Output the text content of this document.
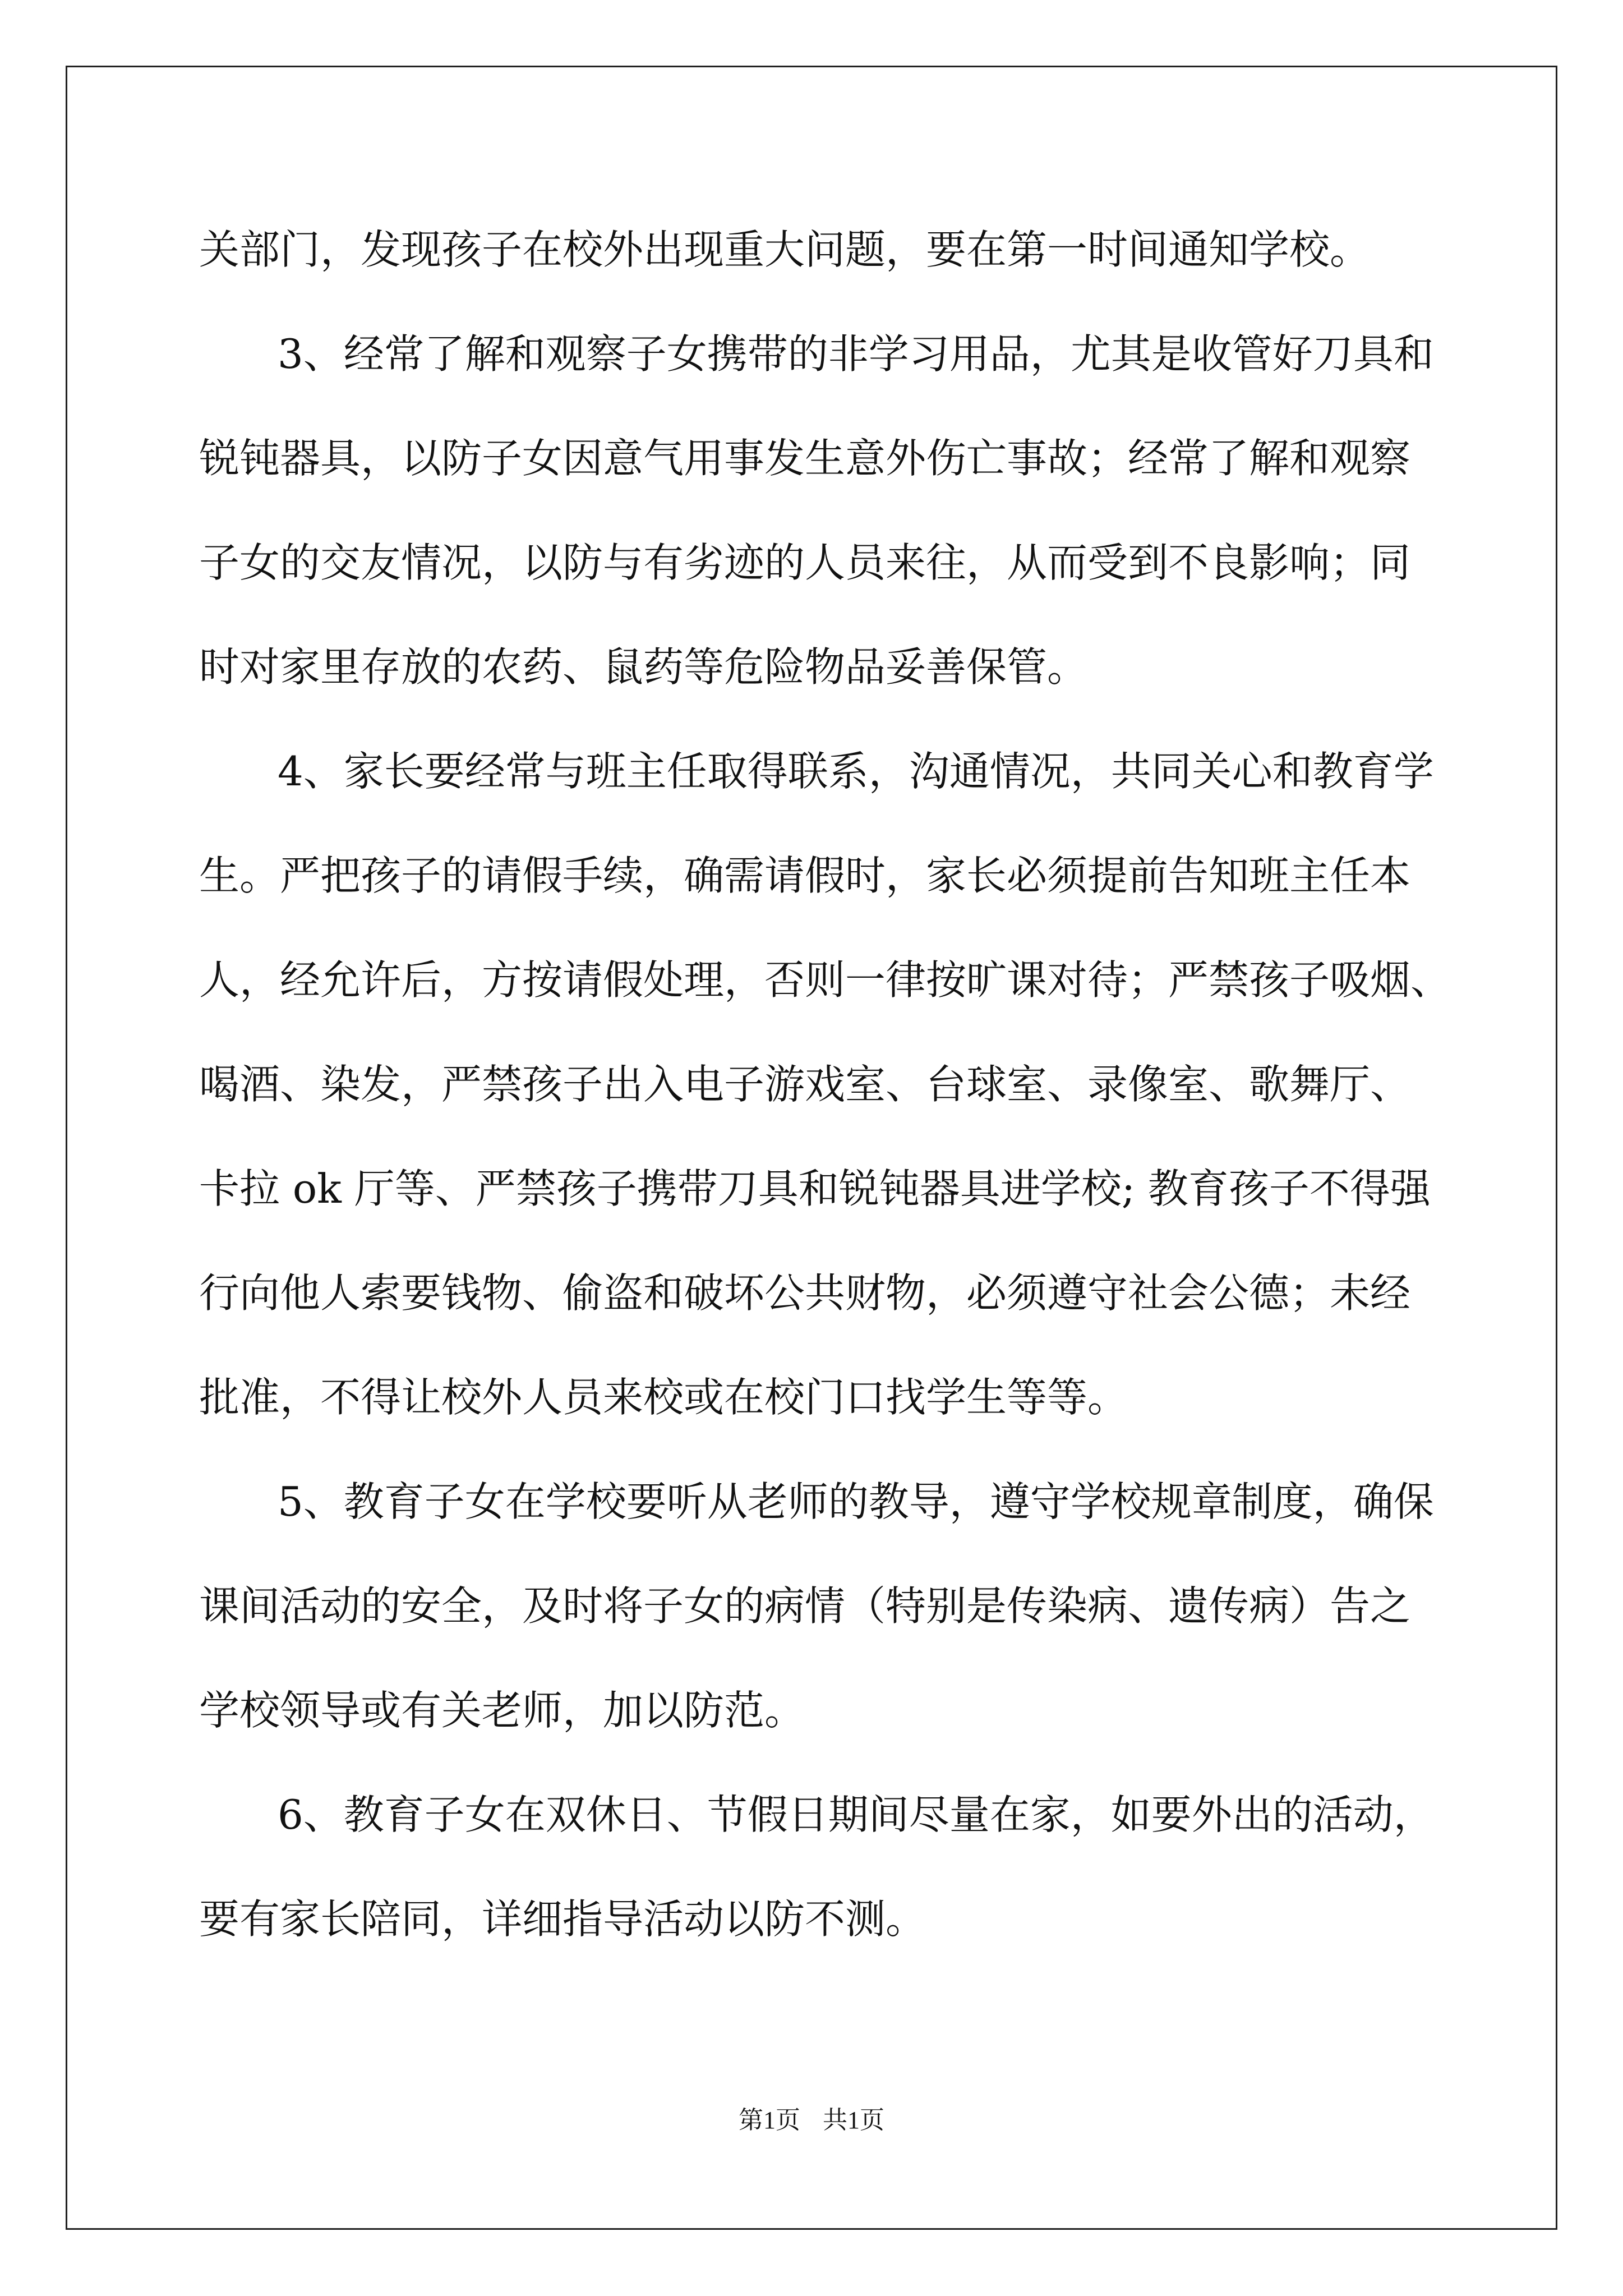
关部门，发现孩子在校外出现重大问题，要在第一时间通知学校。

3、经常了解和观察子女携带的非学习用品，尤其是收管好刀具和

锐钝器具，以防子女因意气用事发生意外伤亡事故；经常了解和观察

子女的交友情况，以防与有劣迹的人员来往，从而受到不良影响；同

时对家里存放的农药、鼠药等危险物品妥善保管。

4、家长要经常与班主任取得联系，沟通情况，共同关心和教育学

生。严把孩子的请假手续，确需请假时，家长必须提前告知班主任本

人，经允许后，方按请假处理，否则一律按旷课对待；严禁孩子吸烟、

喝酒、染发，严禁孩子出入电子游戏室、台球室、录像室、歌舞厅、

卡拉 ok 厅等、严禁孩子携带刀具和锐钝器具进学校; 教育孩子不得强

行向他人索要钱物、偷盗和破坏公共财物，必须遵守社会公德；未经

批准，不得让校外人员来校或在校门口找学生等等。

5、教育子女在学校要听从老师的教导，遵守学校规章制度，确保

课间活动的安全，及时将子女的病情（特别是传染病、遗传病）告之

学校领导或有关老师，加以防范。

6、教育子女在双休日、节假日期间尽量在家，如要外出的活动，

要有家长陪同，详细指导活动以防不测。

第1页 共1页
